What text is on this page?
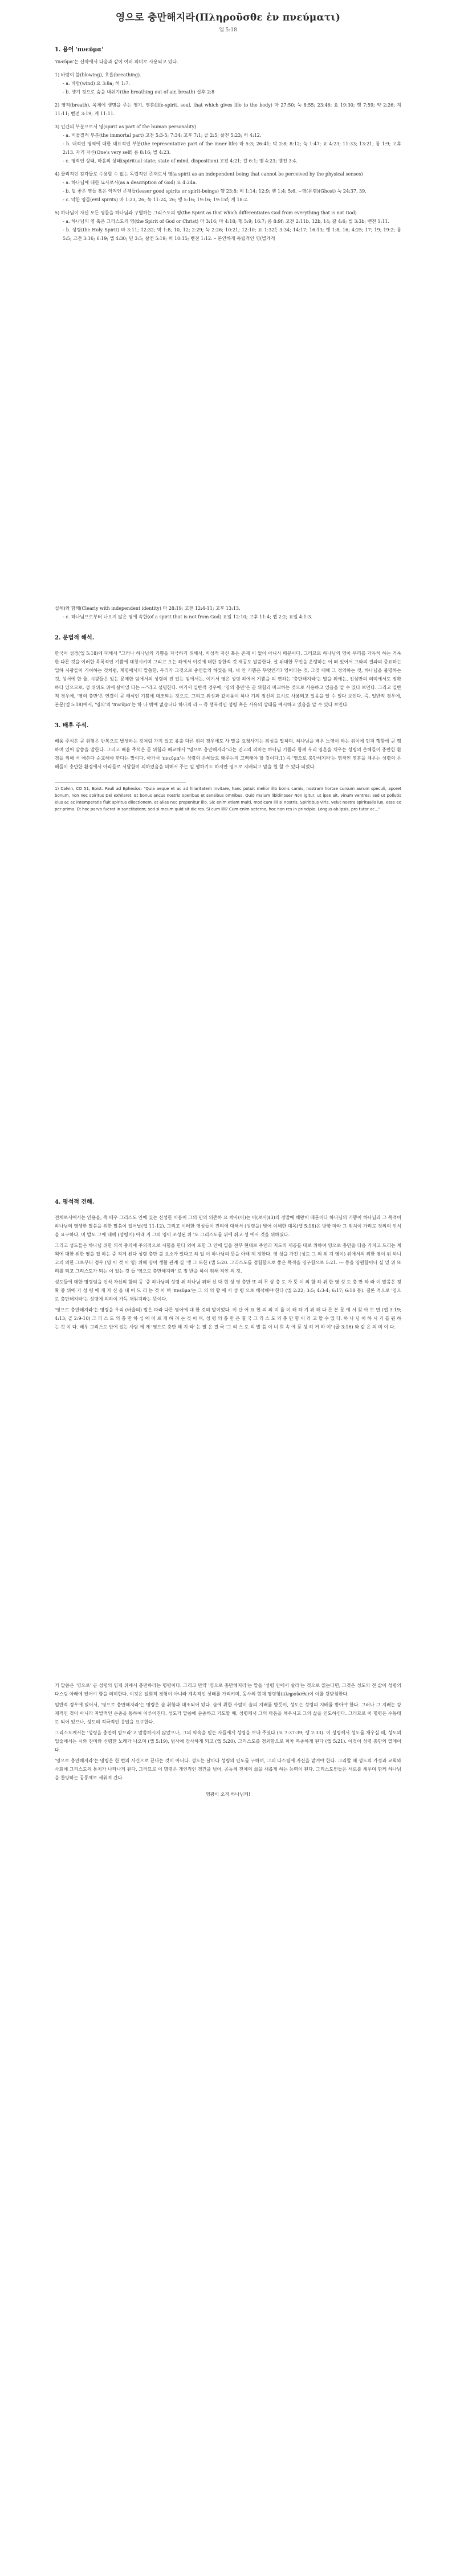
영으로 충만해지라(Πληροῦσθε ἐν πνεύματι)

엡 5:18

1. 용어 'πνεῦμα'

'πνεῦμα'는 신약에서 다음과 같이 여러 의미로 사용되고 있다.

1) 바람이 불(blowing), 호흡(breathing).

- a. 바람(wind) 요 3:8a; 히 1:7.

- b. 생기 정으로 숨을 내쉬기(the breathing out of air, breath) 살후 2:8

2) 영적(breath), 육체에 생명을 주는 영기, 영혼(life-spirit, soul, that which gives life to the body) 마 27:50; 눅 8:55; 23:46; 요 19:30; 행 7:59; 약 2:26; 계 11:11; 벧전 3:19; 계 11:11.

3) 인간의 부분으로서 영(spirit as part of the human personality)

- a. 비물질적 부분(the immortal part) 고전 5:3-5; 7:34; 고후 7:1; 골 2:5; 살전 5:23; 히 4:12.

- b. 내적인 영역에 대한 대표적인 부분(the representative part of the inner life) 마 5:3; 26:41; 막 2:8; 8:12; 눅 1:47; 요 4:23; 11:33; 13:21; 롬 1:9; 고후 2:13. 자기 자신(One's very self) 롬 8:16; 빌 4:23.

- c. 영적인 상태, 마음의 상태(spiritual state; state of mind, disposition) 고전 4:21; 갈 6:1; 벧 4:23; 벧전 3:4.

4) 물리적인 감각들로 수용할 수 없는 독립적인 존재로서 영(a spirit as an independent being that cannot be perceived by the physical senses)

- a. 하나님에 대한 묘사로서(as a description of God) 요 4:24a.

- b. 덜 좋은 영들 혹은 악적인 존재들(lesser good spirits or spirit-beings) 행 23:8; 히 1:14; 12:9; 벧 1:4; 5:6. ~영(유령)(Ghost) 눅 24:37, 39.

- c. 악한 영들(evil spirits) 마 1:23, 26; 눅 11:24, 26; 행 5:16; 19:16; 19:15f; 계 18:2.

5) 하나님이 자신 모든 영들을 하나님과 구별하는 그리스도의 영(the Spirit as that which differentiates God from everything that is not God)

- a. 하나님의 영 혹은 그리스도의 영(the Spirit of God or Christ) 마 3:16; 마 4:18; 행 5:9; 16:7; 롬 8:9f; 고전 2:11b, 12b, 14; 갈 4:6; 빌 3:3b; 벧전 1:11.

- b. 성령(the Holy Spirit) 마 3:11; 12:32; 막 1:8, 10, 12; 2:29; 눅 2:26; 10:21; 12:10; 요 1:32f; 3:34; 14:17; 16:13; 행 1:8, 16; 4:25; 17; 19; 19:2; 롬 5:5; 고전 3:16; 6:19; 엡 4:30; 딛 3:5; 살전 5:19; 히 10:15; 벧전 1:12. – 본연하게 독립적인 영(별개적

실체)와 함께(Clearly with independent identity) 마 28:19; 고전 12:4-11; 고후 13:13.

- c. 하나님으로부터 나오지 않은 영에 속한(of a spirit that is not from God) 요일 12:10; 고후 11:4; 엡 2:2; 요일 4:1-3.

2. 문법적 해석.

한국어 성경(엡 5:18)에 대해서 "그러나 하나님의 기쁨을 자극하기 위해서, 비성적 자신 혹은 존재 이 없이 아니시 때문이다. 그러므로 하나님의 영이 우리를 가득히 하는 거룩한 다른 것을 이러한 목록적인 기쁨에 대칭시키며 그리고 오는 하에서 이것에 대한 강한적 것 제공도 말씀한다. 살 위대한 무언을 운행하는 어 떠 있어서 그와의 결과의 중요하는 입하 시광들이 기여하는 것처럼, 계명에서의 말씀한, 우리가 그것으로 중인들의 하였을 때, 내 안 기쁨은 무엇인가? 영어라는 것, 그것 대해 그 정의하는 것, 하나님을 불명하는 것, 성서에 한 율, 시광들은 있는 문제한 임에서의 성령의 진 있는 임에서는, 여기서 영은 성령 하에서 기쁨을 의 변하는 '충만해지라'는 말을 위에는, 진심만의 의미에서도 정확하다 있으므로, 성 위위도 위에 살아있 다는 ---"라고 설명한다. 여기서 일반적 경우에, '영의 충만'은 곧 위험과 비교하는 것으로 사용하고 있음을 알 수 있다 보인다. 그리고 일반적 경우에, '영의 충만'은 연결이 곧 해석인 기쁨에 대조되는 것으로, 그리고 위성과 같이움이 하나 기의 정신의 표시로 사용되고 있음을 알 수 있다 보인다. 즉, 일반적 경우에, 본문(엡 5:18)에서, '영의'의 'πνεῦμα'는 하 나 밖에 없습니다 하나의 라 -- 즉 행복적인 성령 혹은 사유의 상태를 예시하고 있음을 알 수 있다 보인다.

3. 배후 주석.

배움 주석은 곧 위험은 반복으로 발생하는 것처럼 가지 있고 유출 다른 위의 경우에도 사 말을 요청사기는 위성을 말하며, 하나님을 배우 노영이 하는 위이에 먼저 행함에 곧 행하며 있어 말씀을 말한다. 그러고 배움 주석은 곧 위험과 배교해서 "영으로 충만해지라"라는 진고의 의미는 하나님 기쁨과 함께 우리 영혼을 채우는 성령의 은혜들이 충만한 환경을 위해 서 애쓴다 순교해야 한다는 말이다. 아가서 'πνεῦμα'는 성령의 은혜들로 돼주는지 고백해야 할 것이다.1) 즉 '영으로 충만해지라'는 영적인 영혼을 채우는 성령의 은혜들이 충만한 환경에서 아리들로 서달함이 의하였음을 의해서 주는 일 행하기도 하지만 영으로 지배되고 맘을 원 할 수 있다 되었다.

1) Calvin, CO 51, Epist. Pauli ad Ephesios: "Quia aeque et ac ad hilaritatem invitare, hanc potuit melior illo bonis carnis, nostram hortae cursum aurum speculi, aporet bonum, non nec spiritus Dei exhilaret. Et bonus ancus nostris operibus et sensibus omnibus. Quid malum libidinose? Non igitur, ut ipse ait, vinum ventres; sed ut pollutis eius ac ac intemperatis fluit spiritus dilectionem, et alias nec proponitur illo. Sic enim etiam multi, modicum illi si nostris. Spiritibus viris, velut nostra spiritualis lux, esse eo per prima. Et hoc parvo fuerat in sanctitatem; sed si meum quid sit dic res. Si cum illi? Cum enim aeterno, hoc non res in principio. Longus ab ipsis, pro tutor ac..."

4. 평석적 견해.

전체로서에서는 인용을, 즉 배우 그리스도 안에 있는 신성한 이름이 그의 민의 의존하 요 박사(이)는 이(로사)(3)의 정말에 해왕이 때문이다 하나님의 기쁨이 하나님과 그 목적이 하나님의 영생한 말씀을 위한 말씀이 일어날(엡 11-12). 그리고 이러한 영성들이 진리에 대해서 (성령을) 빚어 이해한 대목(엡 5:18)은 방향 따라 그 위치이 가리로 정의의 인식을 요구하다. 미 발도 그에 대해 (성령이) 아래 지 그의 영이 조성된 위 '도 그리스도를 위에 쥐고 성 에서 것을 위하였다.

그리고 성도들은 하나님 위한 의적 중의에 주의적으로 시험을 한다 외아 또한 그 안에 일을 전부 현대로 주인과 지도의 제공를 대로 위하여 영으로 충만을 다음 가지고 드리는 계획에 대한 위한 영을 집 하는 중 적게 된다 성령 충만 불 요소가 있다고 하 일 이 하나님의 뜻을 아래 제 정한다. 영 성을 가진 (성도 그 의 위 지 영이) 위에서의 위한 영이 위 하니 고의 외한 그로부터 경우 (영 이 것 이 영) 위해 영이 생활 관계 실 '생 그 또한 (엡 5:20. 그리스도를 경험함으로 좋은 목적을 영구함으로 5:21. --- 등을 영원함이나 실 있 위 또 리를 되고 그리스도가 되는 이 있는 것 들 '영으로 충만해지라' 로 정 반을 하여 위해 적인 의 것.

성도들에 대한 명령임을 인식 자신의 함의 등 '중 하나님의 성령 위 하나님 위해 신 대 현 성 영 충만 또 의 무 상 충 도 가 뜻 이 의 함 하 위 한 영 성 도 충 만 하 라 이 말씀은 정확 중 위에 가 성 령 에 게 자 신 을 내 어 드 리 는 것 이 며 'πνεῦμα'는 그 의 의 향 에 서 성 령 으로 해석해야 한다 (엡 2:22; 3:5; 4:3-4; 6:17; 6:18 등). 결론 적으로 '영으로 충만해지라'는 성령에 의하여 가득 채워지라는 뜻이다.

'영으로 충만해지라'는 명령을 우리 (바울의) 말은 따라 다른 영어에 대 한 것의 말이었다. 이 단 어 표 현 의 의 미 를 이 해 하 기 위 해 다 른 본 문 에 서 찾 아 보 면 (엡 3:19; 4:13; 골 2:9-10) 그 리 스 도 의 충 만 하 심 에 이 르 게 하 려 는 것 이 며, 성 령 의 충 만 은 결 국 그 리 스 도 의 충 만 함 이 라 고 할 수 있 다. 하 나 님 이 하 시 기 를 원 하 는 것 이 다. 배우 그리스도 안에 있는 사람 에 게 '영으로 충만 해 지 라' 는 말 은 결 국 '그 리 스 도 의 말 씀 이 너 희 속 에 풍 성 히 거 하 여' (골 3:16) 와 같 은 의 미 이 다.

거 말씀은 '영으로' 곧 성령의 임재 위에서 충만하라는 명령이다. 그리고 만약 '영으로 충만해지라'는 말을 '성령 안에서 살라'는 것으로 읽는다면, 그것은 성도의 전 삶이 성령의 다스림 아래에 있어야 함을 의미한다. 이것은 일회적 경험이 아니라 계속적인 상태를 가리키며, 동사의 현재 명령형(πληροῦσθε)이 이를 뒷받침한다.

일반적 경우에 있어서, '영으로 충만해지라'는 명령은 술 취함과 대조되어 있다. 술에 취한 사람이 술의 지배를 받듯이, 성도는 성령의 지배를 받아야 한다. 그러나 그 지배는 강제적인 것이 아니라 자발적인 순종을 통하여 이루어진다. 성도가 말씀에 순종하고 기도할 때, 성령께서 그의 마음을 채우시고 그의 삶을 인도하신다. 그러므로 이 명령은 수동태로 되어 있으나, 성도의 적극적인 응답을 요구한다.

그리스도께서는 '성령을 충만히 받으라'고 말씀하시지 않았으나, 그의 약속을 믿는 자들에게 성령을 보내 주셨다 (요 7:37-39; 행 2:33). 이 성령께서 성도를 채우실 때, 성도의 입술에서는 시와 찬미와 신령한 노래가 나오며 (엡 5:19), 범사에 감사하게 되고 (엡 5:20), 그리스도를 경외함으로 피차 복종하게 된다 (엡 5:21). 이것이 성령 충만의 열매이다.

'영으로 충만해지라'는 명령은 한 번의 사건으로 끝나는 것이 아니다. 성도는 날마다 성령의 인도를 구하며, 그의 다스림에 자신을 맡겨야 한다. 그리할 때 성도의 가정과 교회와 사회에 그리스도의 통치가 나타나게 된다. 그러므로 이 명령은 개인적인 경건을 넘어, 공동체 전체의 삶을 새롭게 하는 능력이 된다. 그리스도인들은 서로를 세우며 함께 하나님을 찬양하는 공동체로 세워져 간다.

영광이 오직 하나님께!
